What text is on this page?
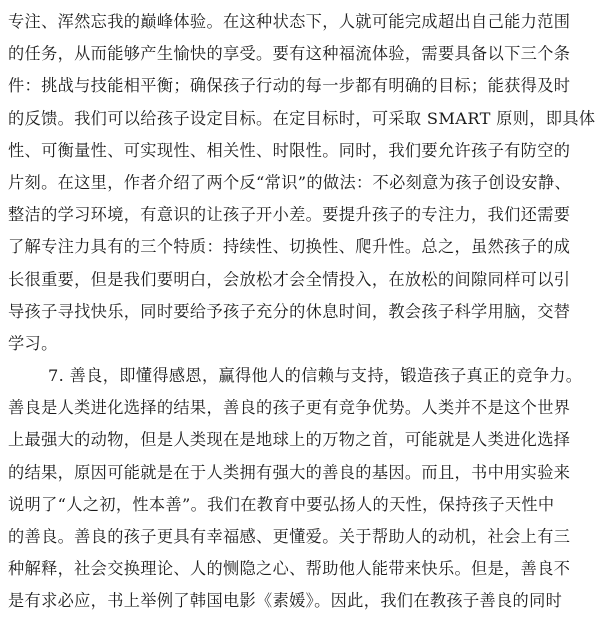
专注、浑然忘我的巅峰体验。在这种状态下，人就可能完成超出自己能力范围
的任务，从而能够产生愉快的享受。要有这种福流体验，需要具备以下三个条
件：挑战与技能相平衡；确保孩子行动的每一步都有明确的目标；能获得及时
的反馈。我们可以给孩子设定目标。在定目标时，可采取 SMART 原则，即具体
性、可衡量性、可实现性、相关性、时限性。同时，我们要允许孩子有防空的
片刻。在这里，作者介绍了两个反“常识”的做法：不必刻意为孩子创设安静、
整洁的学习环境，有意识的让孩子开小差。要提升孩子的专注力，我们还需要
了解专注力具有的三个特质：持续性、切换性、爬升性。总之，虽然孩子的成
长很重要，但是我们要明白，会放松才会全情投入，在放松的间隙同样可以引
导孩子寻找快乐，同时要给予孩子充分的休息时间，教会孩子科学用脑，交替
学习。
7. 善良，即懂得感恩，赢得他人的信赖与支持，锻造孩子真正的竞争力。
善良是人类进化选择的结果，善良的孩子更有竞争优势。人类并不是这个世界
上最强大的动物，但是人类现在是地球上的万物之首，可能就是人类进化选择
的结果，原因可能就是在于人类拥有强大的善良的基因。而且，书中用实验来
说明了“人之初，性本善”。我们在教育中要弘扬人的天性，保持孩子天性中
的善良。善良的孩子更具有幸福感、更懂爱。关于帮助人的动机，社会上有三
种解释，社会交换理论、人的恻隐之心、帮助他人能带来快乐。但是，善良不
是有求必应，书上举例了韩国电影《素媛》。因此，我们在教孩子善良的同时
